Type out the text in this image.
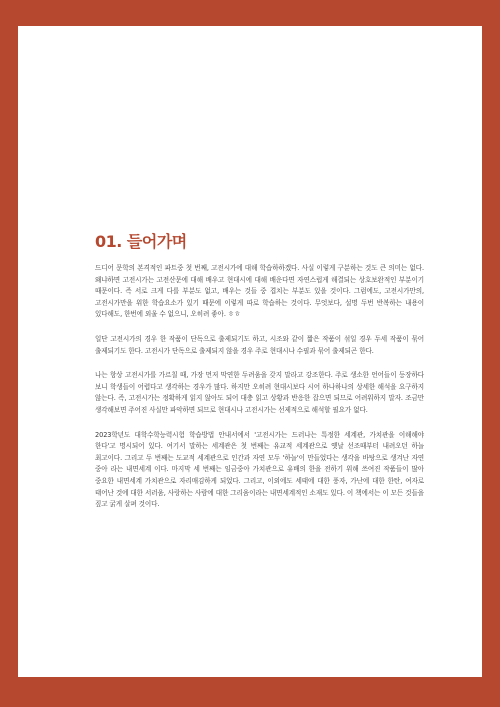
01. 들어가며

드디어 문학의 본격적인 파트중 첫 번째, 고전시가에 대해 학습하하겠다. 사실 이렇게 구분하는 것도 큰 의미는 없다. 왜냐하면 고전시가는 고전산문에 대해 배우고 현대시에 대해 배운다면 자연스럽게 해결되는 상호보완적인 부분이기 때문이다. 즉 서로 크게 다를 부분도 없고, 배우는 것들 중 겹치는 부분도 있을 것이다. 그럼에도, 고전시가만의, 고전시가만을 위한 학습요소가 있기 때문에 이렇게 따로 학습하는 것이다. 무엇보다, 설명 두번 반복하는 내용이 있다해도, 한번에 외울 수 없으니, 오히려 좋아. ㅎㅎ

일단 고전시가의 경우 한 작품이 단독으로 출제되기도 하고, 시조와 같이 짧은 작품이 섞일 경우 두세 작품이 묶어 출제되기도 한다. 고전시가 단독으로 출제되지 않을 경우 주로 현대시나 수필과 묶어 출제되곤 한다.

나는 항상 고전시가를 가르칠 때, 가장 먼저 막연한 두려움을 갖지 말라고 강조한다. 주로 생소한 언어들이 등장하다 보니 학생들이 어렵다고 생각하는 경우가 많다. 하지만 오히려 현대시보다 시어 하나하나의 상세한 해석을 요구하지 않는다. 즉, 고전시가는 정확하게 읽지 않아도 되어 대충 읽고 상황과 반응한 잡으면 되므로 어려워하지 말자. 조금만 생각해보면 주어진 사실만 파악하면 되므로 현대시나 고전시가는 선제적으로 해석할 필요가 없다.

2023학년도 대학수학능력시험 학습방법 안내서에서 '고전시가는 드러나는 특정한 세계관, 가치관을 이해해야 한다'고 명시되어 있다. 여기서 말하는 세계관은 첫 번째는 유교적 세계관으로 옛날 선조때부터 내려오던 하늘 최고이다. 그리고 두 번째는 도교적 세계관으로 인간과 자연 모두 '하늘'이 만들었다는 생각을 바탕으로 생겨난 자연 중아 라는 내면세계 이다. 마지막 세 번째는 임금중아 가치관으로 유배의 한을 전하기 위해 쓰여진 작품들이 많아 중요한 내면세계 가치관으로 자리매김하게 되었다. 그리고, 이외에도 세태에 대한 풍자, 가난에 대한 한탄, 여자로 태어난 것에 대한 서러움, 사랑하는 사람에 대한 그리움이라는 내면세계적인 소재도 있다. 이 책에서는 이 모든 것들을 짚고 굵게 살펴 것이다.
